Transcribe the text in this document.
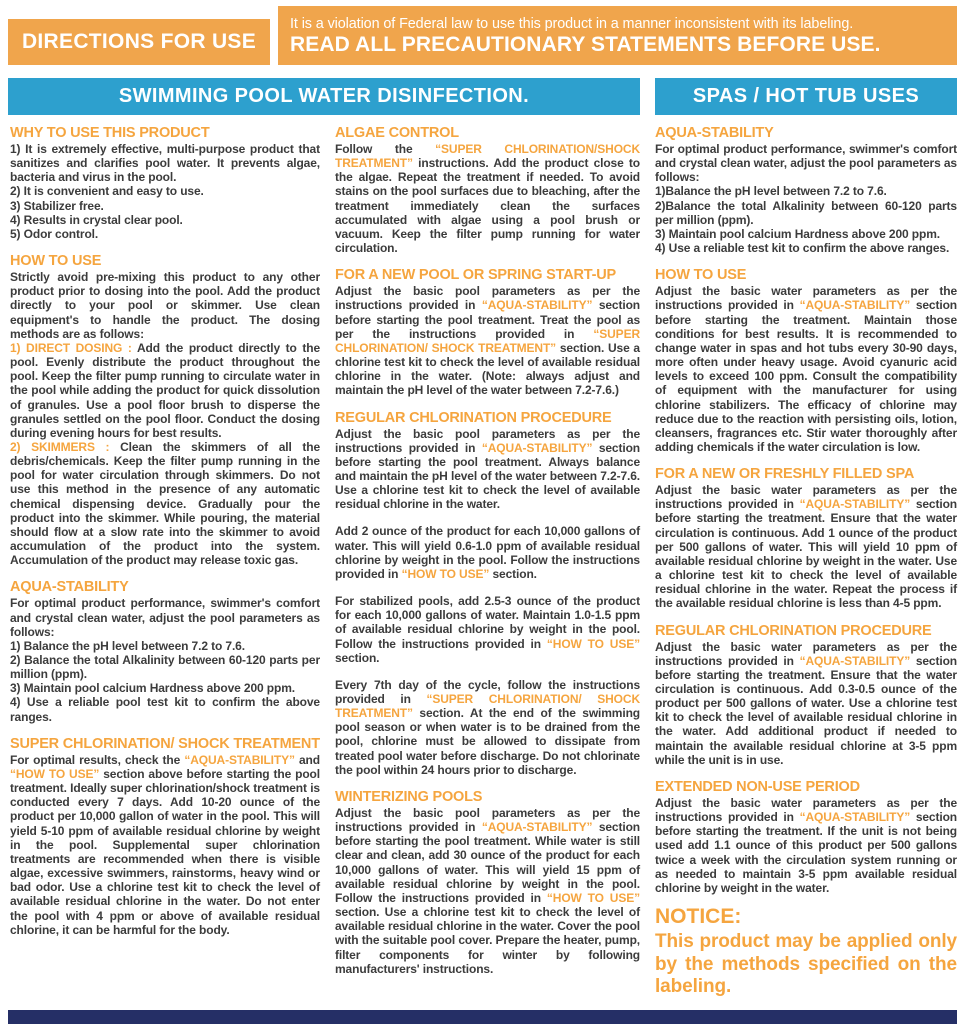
DIRECTIONS FOR USE
It is a violation of Federal law to use this product in a manner inconsistent with its labeling.
READ ALL PRECAUTIONARY STATEMENTS BEFORE USE.
SWIMMING POOL WATER DISINFECTION.	SPAS / HOT TUB USES
WHY TO USE THIS PRODUCT

1) It is extremely effective, multi-purpose product that sanitizes and clarifies pool water. It prevents algae, bacteria and virus in the pool.

2) It is convenient and easy to use.

3) Stabilizer free.

4) Results in crystal clear pool.

5) Odor control.

HOW TO USE

Strictly avoid pre-mixing this product to any other product prior to dosing into the pool. Add the product directly to your pool or skimmer. Use clean equipment's to handle the product. The dosing methods are as follows:

1) DIRECT DOSING : Add the product directly to the pool. Evenly distribute the product throughout the pool. Keep the filter pump running to circulate water in the pool while adding the product for quick dissolution of granules. Use a pool floor brush to disperse the granules settled on the pool floor. Conduct the dosing during evening hours for best results.

2) SKIMMERS : Clean the skimmers of all the debris/chemicals. Keep the filter pump running in the pool for water circulation through skimmers. Do not use this method in the presence of any automatic chemical dispensing device. Gradually pour the product into the skimmer. While pouring, the material should flow at a slow rate into the skimmer to avoid accumulation of the product into the system. Accumulation of the product may release toxic gas.

AQUA-STABILITY

For optimal product performance, swimmer's comfort and crystal clean water, adjust the pool parameters as follows:

1) Balance the pH level between 7.2 to 7.6.

2) Balance the total Alkalinity between 60-120 parts per million (ppm).

3) Maintain pool calcium Hardness above 200 ppm.

4) Use a reliable pool test kit to confirm the above ranges.

SUPER CHLORINATION/ SHOCK TREATMENT

For optimal results, check the “AQUA-STABILITY” and “HOW TO USE” section above before starting the pool treatment. Ideally super chlorination/shock treatment is conducted every 7 days. Add 10-20 ounce of the product per 10,000 gallon of water in the pool. This will yield 5-10 ppm of available residual chlorine by weight in the pool. Supplemental super chlorination treatments are recommended when there is visible algae, excessive swimmers, rainstorms, heavy wind or bad odor. Use a chlorine test kit to check the level of available residual chlorine in the water. Do not enter the pool with 4 ppm or above of available residual chlorine, it can be harmful for the body.

ALGAE CONTROL

Follow the “SUPER CHLORINATION/SHOCK TREATMENT” instructions. Add the product close to the algae. Repeat the treatment if needed. To avoid stains on the pool surfaces due to bleaching, after the treatment immediately clean the surfaces accumulated with algae using a pool brush or vacuum. Keep the filter pump running for water circulation.

FOR A NEW POOL OR SPRING START-UP

Adjust the basic pool parameters as per the instructions provided in “AQUA-STABILITY” section before starting the pool treatment. Treat the pool as per the instructions provided in “SUPER CHLORINATION/ SHOCK TREATMENT” section. Use a chlorine test kit to check the level of available residual chlorine in the water. (Note: always adjust and maintain the pH level of the water between 7.2-7.6.)

REGULAR CHLORINATION PROCEDURE

Adjust the basic pool parameters as per the instructions provided in “AQUA-STABILITY” section before starting the pool treatment. Always balance and maintain the pH level of the water between 7.2-7.6. Use a chlorine test kit to check the level of available residual chlorine in the water.

Add 2 ounce of the product for each 10,000 gallons of water. This will yield 0.6-1.0 ppm of available residual chlorine by weight in the pool. Follow the instructions provided in “HOW TO USE” section.

For stabilized pools, add 2.5-3 ounce of the product for each 10,000 gallons of water. Maintain 1.0-1.5 ppm of available residual chlorine by weight in the pool. Follow the instructions provided in “HOW TO USE” section.

Every 7th day of the cycle, follow the instructions provided in “SUPER CHLORINATION/ SHOCK TREATMENT” section. At the end of the swimming pool season or when water is to be drained from the pool, chlorine must be allowed to dissipate from treated pool water before discharge. Do not chlorinate the pool within 24 hours prior to discharge.

WINTERIZING POOLS

Adjust the basic pool parameters as per the instructions provided in “AQUA-STABILITY” section before starting the pool treatment. While water is still clear and clean, add 30 ounce of the product for each 10,000 gallons of water. This will yield 15 ppm of available residual chlorine by weight in the pool. Follow the instructions provided in “HOW TO USE” section. Use a chlorine test kit to check the level of available residual chlorine in the water. Cover the pool with the suitable pool cover. Prepare the heater, pump, filter components for winter by following manufacturers' instructions.

AQUA-STABILITY

For optimal product performance, swimmer's comfort and crystal clean water, adjust the pool parameters as follows:

1)Balance the pH level between 7.2 to 7.6.

2)Balance the total Alkalinity between 60-120 parts per million (ppm).

3) Maintain pool calcium Hardness above 200 ppm.

4) Use a reliable test kit to confirm the above ranges.

HOW TO USE

Adjust the basic water parameters as per the instructions provided in “AQUA-STABILITY” section before starting the treatment. Maintain those conditions for best results. It is recommended to change water in spas and hot tubs every 30-90 days, more often under heavy usage. Avoid cyanuric acid levels to exceed 100 ppm. Consult the compatibility of equipment with the manufacturer for using chlorine stabilizers. The efficacy of chlorine may reduce due to the reaction with persisting oils, lotion, cleansers, fragrances etc. Stir water thoroughly after adding chemicals if the water circulation is low.

FOR A NEW OR FRESHLY FILLED SPA

Adjust the basic water parameters as per the instructions provided in “AQUA-STABILITY” section before starting the treatment. Ensure that the water circulation is continuous. Add 1 ounce of the product per 500 gallons of water. This will yield 10 ppm of available residual chlorine by weight in the water. Use a chlorine test kit to check the level of available residual chlorine in the water. Repeat the process if the available residual chlorine is less than 4-5 ppm.

REGULAR CHLORINATION PROCEDURE

Adjust the basic water parameters as per the instructions provided in “AQUA-STABILITY” section before starting the treatment. Ensure that the water circulation is continuous. Add 0.3-0.5 ounce of the product per 500 gallons of water. Use a chlorine test kit to check the level of available residual chlorine in the water. Add additional product if needed to maintain the available residual chlorine at 3-5 ppm while the unit is in use.

EXTENDED NON-USE PERIOD

Adjust the basic water parameters as per the instructions provided in “AQUA-STABILITY” section before starting the treatment. If the unit is not being used add 1.1 ounce of this product per 500 gallons twice a week with the circulation system running or as needed to maintain 3-5 ppm available residual chlorine by weight in the water.

NOTICE:

This product may be applied only by the methods specified on the labeling.
